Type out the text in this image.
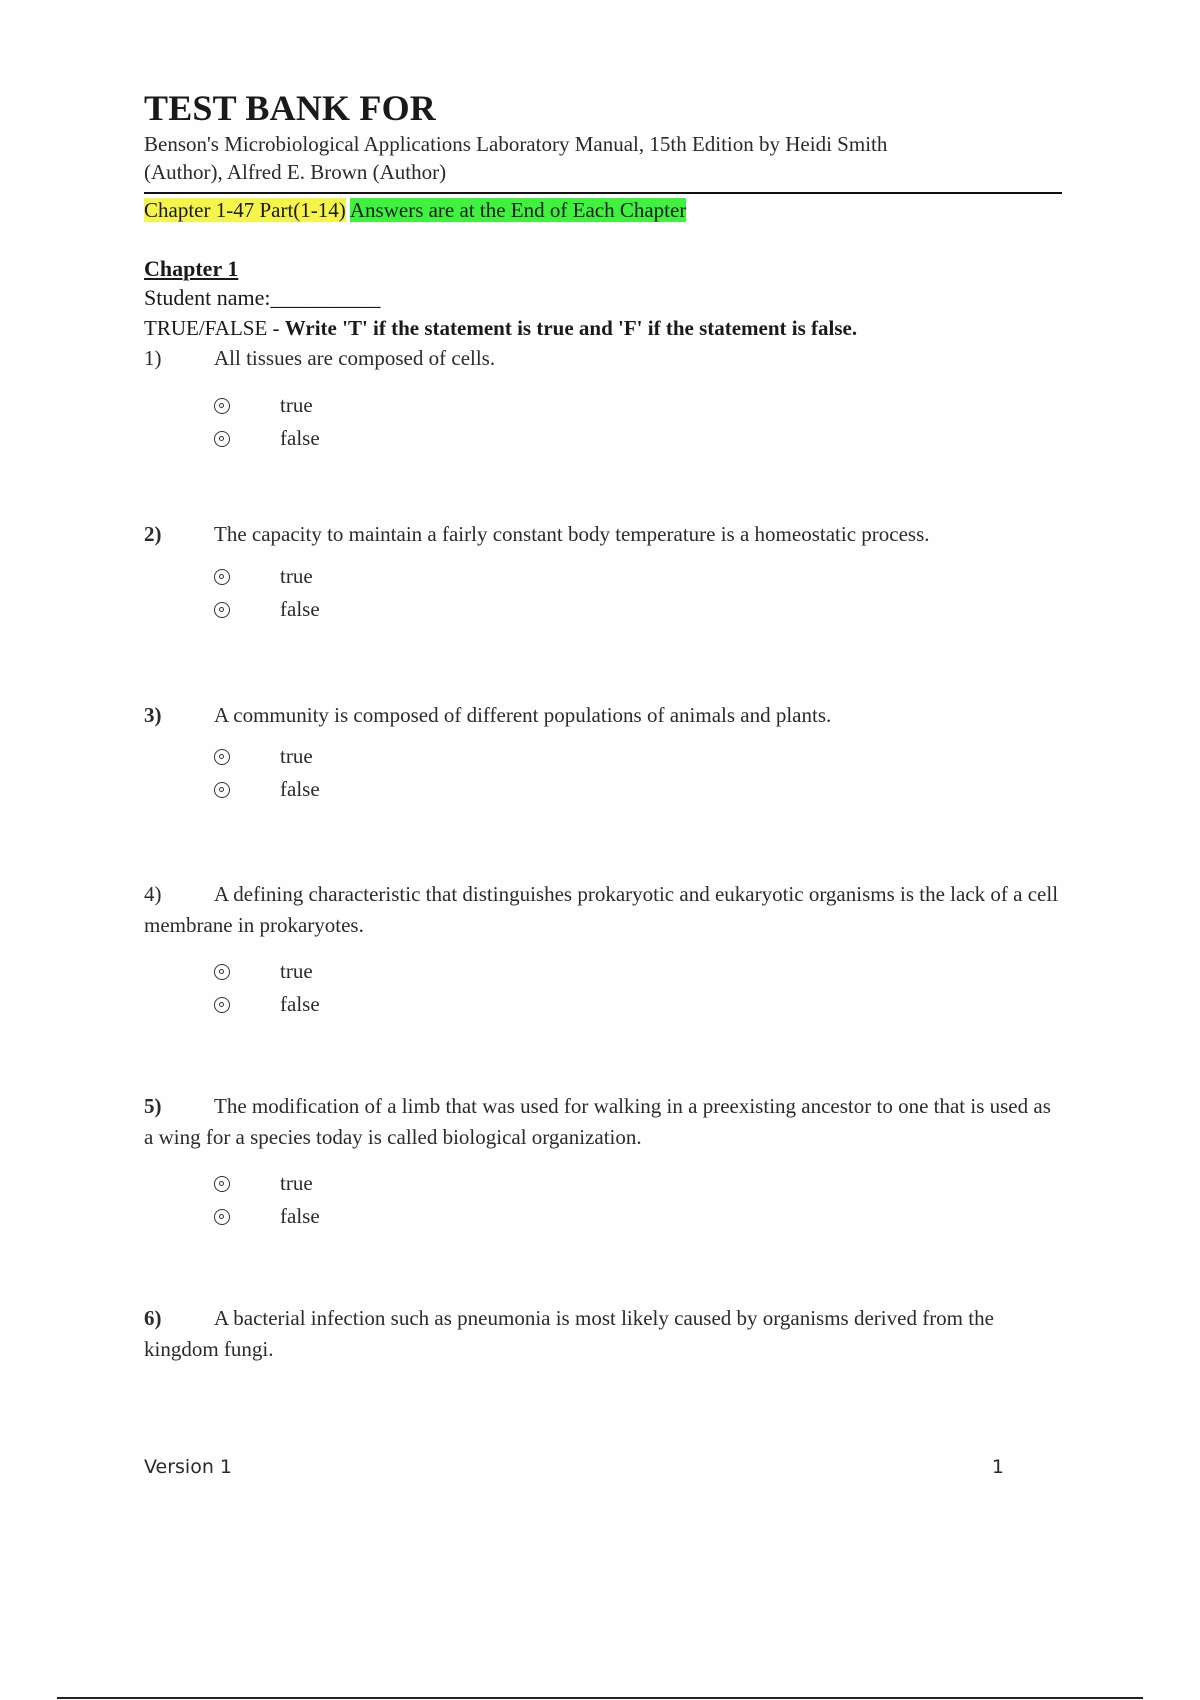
TEST BANK FOR
Benson's Microbiological Applications Laboratory Manual, 15th Edition by Heidi Smith
(Author), Alfred E. Brown (Author)
Chapter 1-47 Part(1-14) Answers are at the End of Each Chapter
Chapter 1
Student name:__________
TRUE/FALSE - Write 'T' if the statement is true and 'F' if the statement is false.
1)	All tissues are composed of cells.
true
false
2)	The capacity to maintain a fairly constant body temperature is a homeostatic process.
true
false
3)	A community is composed of different populations of animals and plants.
true
false
4)	A defining characteristic that distinguishes prokaryotic and eukaryotic organisms is the lack of a cell membrane in prokaryotes.
true
false
5)	The modification of a limb that was used for walking in a preexisting ancestor to one that is used as a wing for a species today is called biological organization.
true
false
6)	A bacterial infection such as pneumonia is most likely caused by organisms derived from the kingdom fungi.
Version 1	1
